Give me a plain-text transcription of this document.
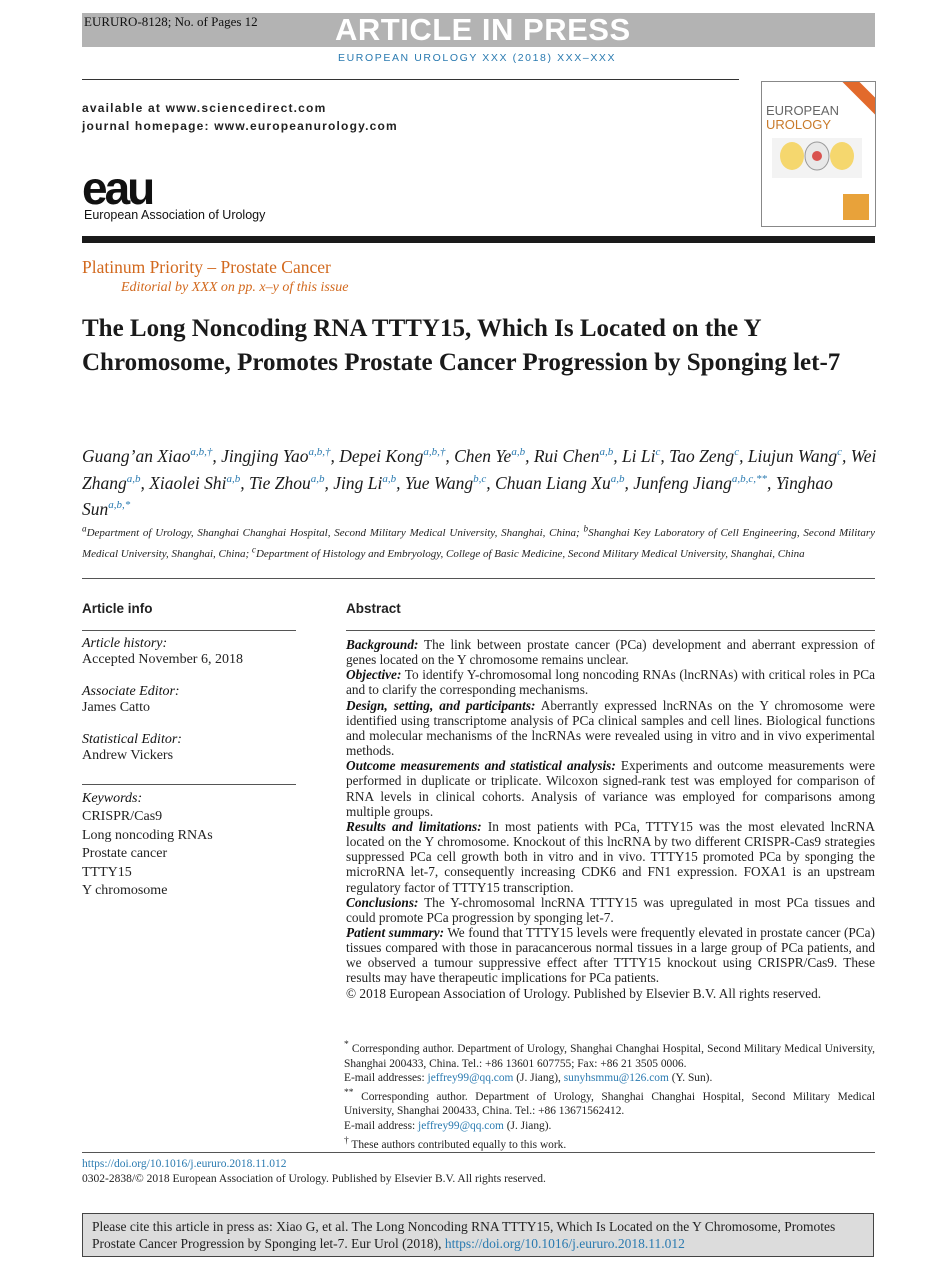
EURURO-8128; No. of Pages 12 ARTICLE IN PRESS
EUROPEAN UROLOGY XXX (2018) XXX–XXX
available at www.sciencedirect.com
journal homepage: www.europeanurology.com
eau
European Association of Urology
EUROPEAN
UROLOGY
Platinum Priority – Prostate Cancer
Editorial by XXX on pp. x–y of this issue
The Long Noncoding RNA TTTY15, Which Is Located on the Y Chromosome, Promotes Prostate Cancer Progression by Sponging let-7
Guang’an Xiao$^{a,b,\dagger}$, Jingjing Yao$^{a,b,\dagger}$, Depei Kong$^{a,b,\dagger}$, Chen Ye$^{a,b}$, Rui Chen$^{a,b}$, Li Li$^c$, Tao Zeng$^c$, Liujun Wang$^c$, Wei Zhang$^{a,b}$, Xiaolei Shi$^{a,b}$, Tie Zhou$^{a,b}$, Jing Li$^{a,b}$, Yue Wang$^{b,c}$, Chuan Liang Xu$^{a,b}$, Junfeng Jiang$^{a,b,c,**}$, Yinghao Sun$^{a,b,*}$
$^a$Department of Urology, Shanghai Changhai Hospital, Second Military Medical University, Shanghai, China; $^b$Shanghai Key Laboratory of Cell Engineering, Second Military Medical University, Shanghai, China; $^c$Department of Histology and Embryology, College of Basic Medicine, Second Military Medical University, Shanghai, China
Article info
Article history:
Accepted November 6, 2018
Associate Editor:
James Catto
Statistical Editor:
Andrew Vickers
Keywords:
CRISPR/Cas9
Long noncoding RNAs
Prostate cancer
TTTY15
Y chromosome
Abstract
Background: The link between prostate cancer (PCa) development and aberrant expression of genes located on the Y chromosome remains unclear.
Objective: To identify Y-chromosomal long noncoding RNAs (lncRNAs) with critical roles in PCa and to clarify the corresponding mechanisms.
Design, setting, and participants: Aberrantly expressed lncRNAs on the Y chromosome were identified using transcriptome analysis of PCa clinical samples and cell lines. Biological functions and molecular mechanisms of the lncRNAs were revealed using in vitro and in vivo experimental methods.
Outcome measurements and statistical analysis: Experiments and outcome measurements were performed in duplicate or triplicate. Wilcoxon signed-rank test was employed for comparison of RNA levels in clinical cohorts. Analysis of variance was employed for comparisons among multiple groups.
Results and limitations: In most patients with PCa, TTTY15 was the most elevated lncRNA located on the Y chromosome. Knockout of this lncRNA by two different CRISPR-Cas9 strategies suppressed PCa cell growth both in vitro and in vivo. TTTY15 promoted PCa by sponging the microRNA let-7, consequently increasing CDK6 and FN1 expression. FOXA1 is an upstream regulatory factor of TTTY15 transcription.
Conclusions: The Y-chromosomal lncRNA TTTY15 was upregulated in most PCa tissues and could promote PCa progression by sponging let-7.
Patient summary: We found that TTTY15 levels were frequently elevated in prostate cancer (PCa) tissues compared with those in paracancerous normal tissues in a large group of PCa patients, and we observed a tumour suppressive effect after TTTY15 knockout using CRISPR/Cas9. These results may have therapeutic implications for PCa patients.
© 2018 European Association of Urology. Published by Elsevier B.V. All rights reserved.
* Corresponding author. Department of Urology, Shanghai Changhai Hospital, Second Military Medical University, Shanghai 200433, China. Tel.: +86 13601 607755; Fax: +86 21 3505 0006.
E-mail addresses: jeffrey99@qq.com (J. Jiang), sunyhsmmu@126.com (Y. Sun).
** Corresponding author. Department of Urology, Shanghai Changhai Hospital, Second Military Medical University, Shanghai 200433, China. Tel.: +86 13671562412.
E-mail address: jeffrey99@qq.com (J. Jiang).
† These authors contributed equally to this work.
https://doi.org/10.1016/j.eururo.2018.11.012
0302-2838/© 2018 European Association of Urology. Published by Elsevier B.V. All rights reserved.
Please cite this article in press as: Xiao G, et al. The Long Noncoding RNA TTTY15, Which Is Located on the Y Chromosome, Promotes Prostate Cancer Progression by Sponging let-7. Eur Urol (2018), https://doi.org/10.1016/j.eururo.2018.11.012
